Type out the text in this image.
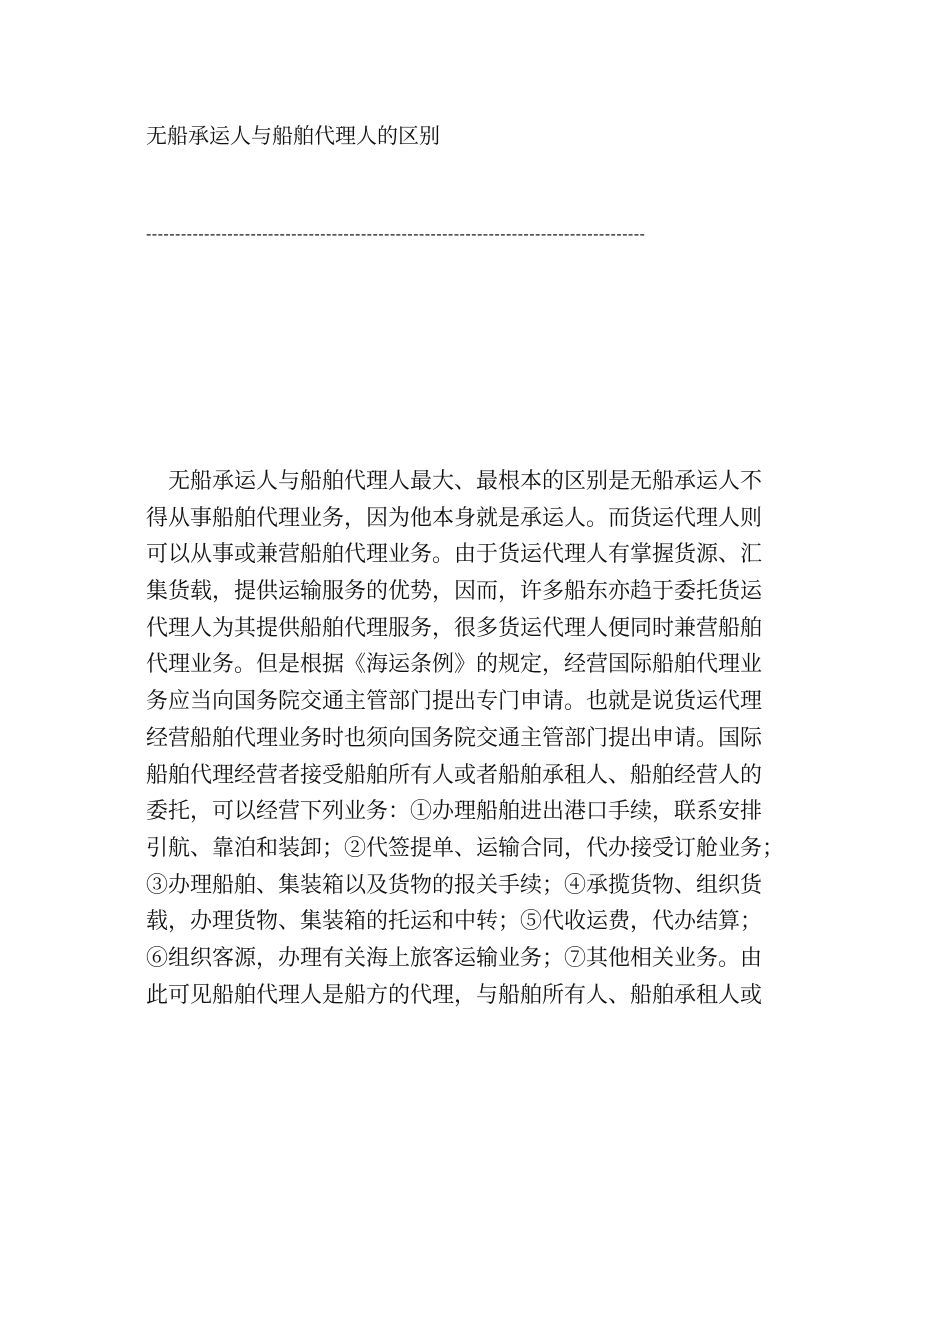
无船承运人与船舶代理人的区别
--------------------------------------------------------------------------------------
　无船承运人与船舶代理人最大、最根本的区别是无船承运人不
得从事船舶代理业务，因为他本身就是承运人。而货运代理人则
可以从事或兼营船舶代理业务。由于货运代理人有掌握货源、汇
集货载，提供运输服务的优势，因而，许多船东亦趋于委托货运
代理人为其提供船舶代理服务，很多货运代理人便同时兼营船舶
代理业务。但是根据《海运条例》的规定，经营国际船舶代理业
务应当向国务院交通主管部门提出专门申请。也就是说货运代理
经营船舶代理业务时也须向国务院交通主管部门提出申请。国际
船舶代理经营者接受船舶所有人或者船舶承租人、船舶经营人的
委托，可以经营下列业务：①办理船舶进出港口手续，联系安排
引航、靠泊和装卸；②代签提单、运输合同，代办接受订舱业务；
③办理船舶、集装箱以及货物的报关手续；④承揽货物、组织货
载，办理货物、集装箱的托运和中转；⑤代收运费，代办结算；
⑥组织客源，办理有关海上旅客运输业务；⑦其他相关业务。由
此可见船舶代理人是船方的代理，与船舶所有人、船舶承租人或
